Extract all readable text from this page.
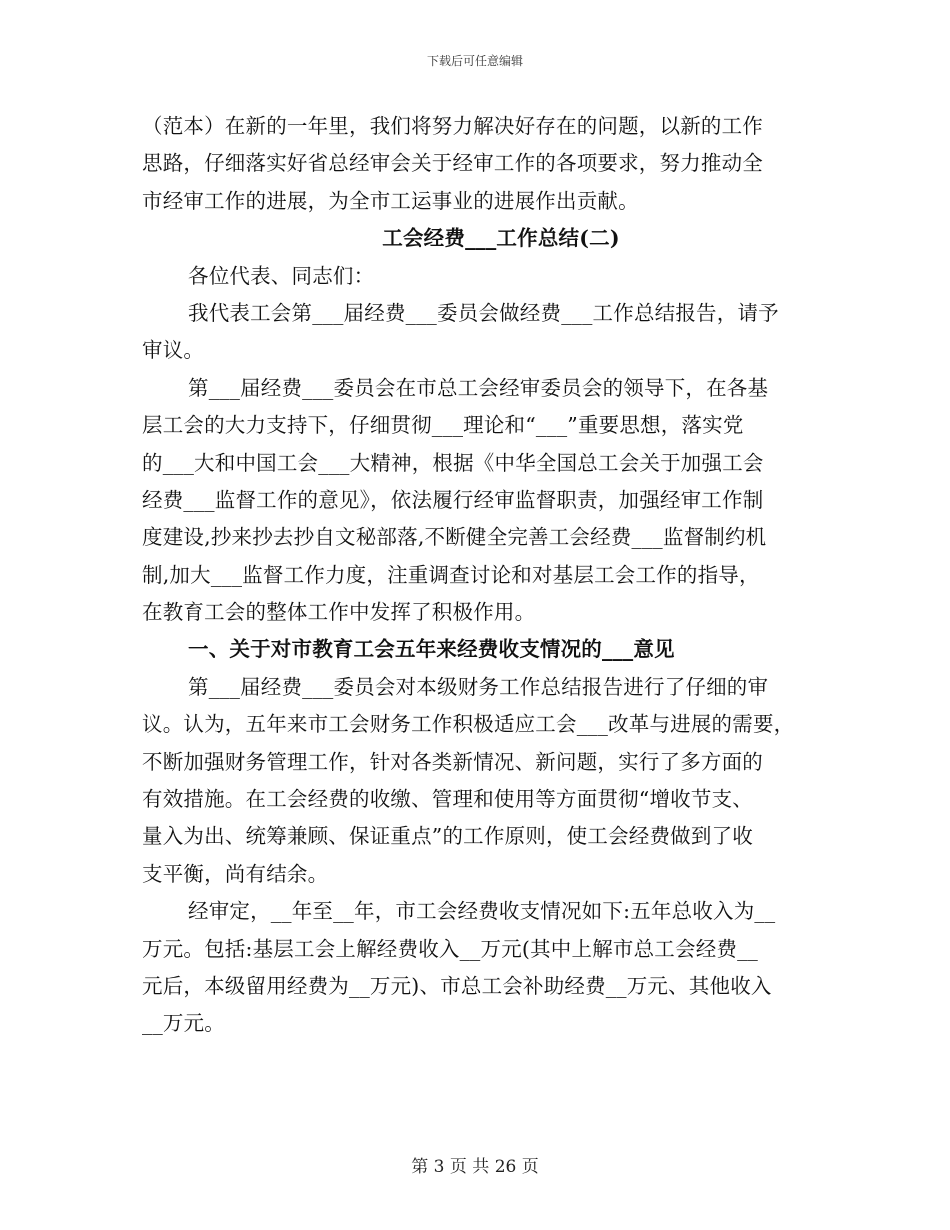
下载后可任意编辑
（范本）在新的一年里，我们将努力解决好存在的问题，以新的工作
思路，仔细落实好省总经审会关于经审工作的各项要求，努力推动全
市经审工作的进展，为全市工运事业的进展作出贡献。
工会经费___工作总结(二)
各位代表、同志们：
我代表工会第___届经费___委员会做经费___工作总结报告，请予
审议。
第___届经费___委员会在市总工会经审委员会的领导下，在各基
层工会的大力支持下，仔细贯彻___理论和“___”重要思想，落实党
的___大和中国工会___大精神，根据《中华全国总工会关于加强工会
经费___监督工作的意见》，依法履行经审监督职责，加强经审工作制
度建设,抄来抄去抄自文秘部落,不断健全完善工会经费___监督制约机
制,加大___监督工作力度，注重调查讨论和对基层工会工作的指导，
在教育工会的整体工作中发挥了积极作用。
一、关于对市教育工会五年来经费收支情况的___意见
第___届经费___委员会对本级财务工作总结报告进行了仔细的审
议。认为，五年来市工会财务工作积极适应工会___改革与进展的需要，
不断加强财务管理工作，针对各类新情况、新问题，实行了多方面的
有效措施。在工会经费的收缴、管理和使用等方面贯彻“增收节支、
量入为出、统筹兼顾、保证重点”的工作原则，使工会经费做到了收
支平衡，尚有结余。
经审定，__年至__年，市工会经费收支情况如下:五年总收入为__
万元。包括:基层工会上解经费收入__万元(其中上解市总工会经费__
元后，本级留用经费为__万元)、市总工会补助经费__万元、其他收入
__万元。
第 3 页 共 26 页
